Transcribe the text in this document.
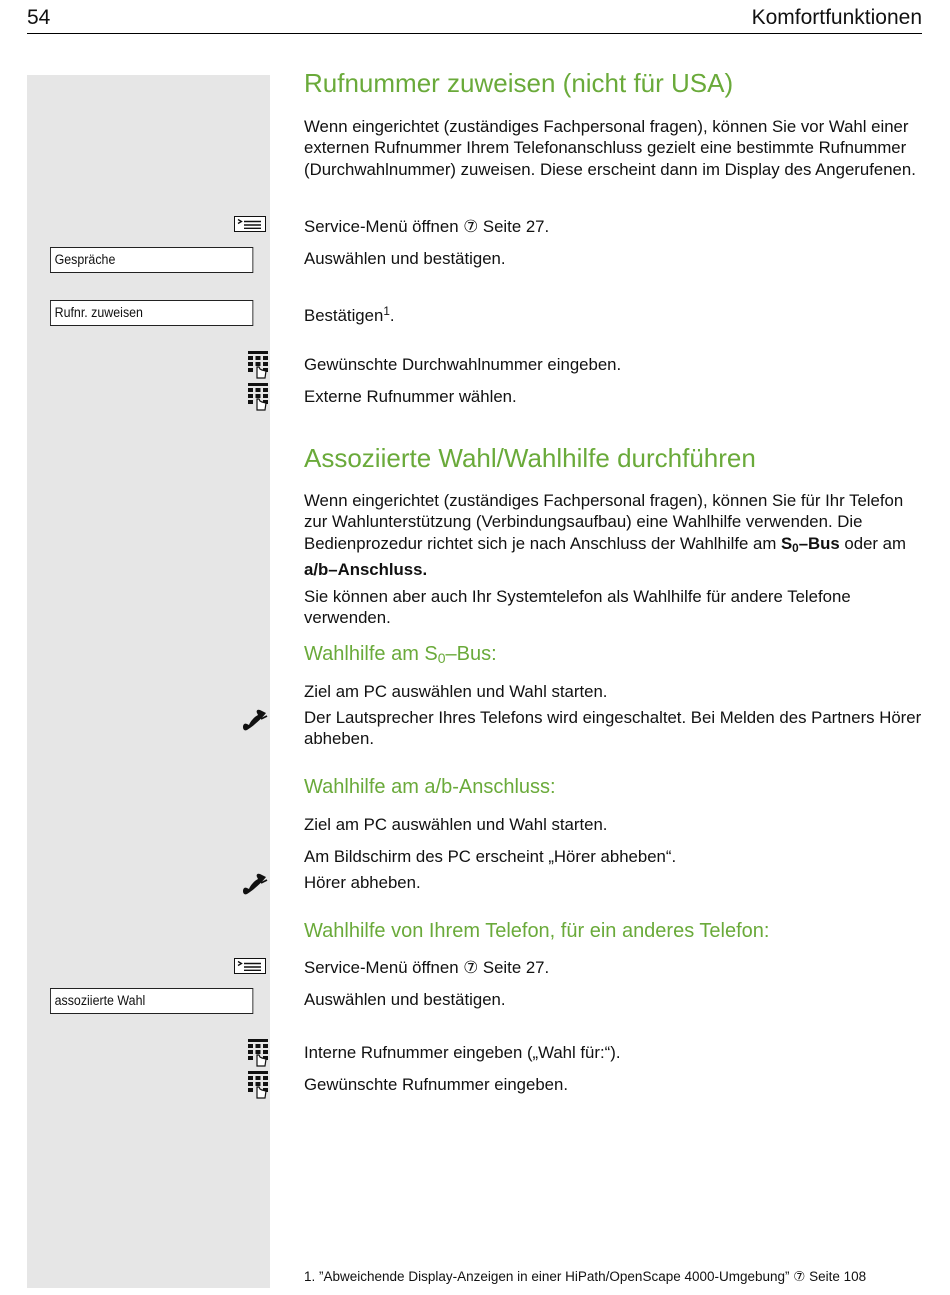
54	Komfortfunktionen
Rufnummer zuweisen (nicht für USA)
Wenn eingerichtet (zuständiges Fachpersonal fragen), können Sie vor Wahl einer externen Rufnummer Ihrem Telefonanschluss gezielt eine bestimmte Rufnummer (Durchwahlnummer) zuweisen. Diese erscheint dann im Display des Angerufenen.
Service-Menü öffnen ⑦ Seite 27.
Gespräche	Auswählen und bestätigen.
Rufnr. zuweisen	Bestätigen$^1$.
Gewünschte Durchwahlnummer eingeben.
Externe Rufnummer wählen.
Assoziierte Wahl/Wahlhilfe durchführen
Wenn eingerichtet (zuständiges Fachpersonal fragen), können Sie für Ihr Telefon zur Wahlunterstützung (Verbindungsaufbau) eine Wahlhilfe verwenden. Die Bedienprozedur richtet sich je nach Anschluss der Wahlhilfe am $S_0$–Bus oder am a/b–Anschluss.
Sie können aber auch Ihr Systemtelefon als Wahlhilfe für andere Telefone verwenden.
Wahlhilfe am $S_0$–Bus:
Ziel am PC auswählen und Wahl starten.
Der Lautsprecher Ihres Telefons wird eingeschaltet. Bei Melden des Partners Hörer abheben.
Wahlhilfe am a/b-Anschluss:
Ziel am PC auswählen und Wahl starten.
Am Bildschirm des PC erscheint „Hörer abheben“.
Hörer abheben.
Wahlhilfe von Ihrem Telefon, für ein anderes Telefon:
Service-Menü öffnen ⑦ Seite 27.
assoziierte Wahl	Auswählen und bestätigen.
Interne Rufnummer eingeben („Wahl für:“).
Gewünschte Rufnummer eingeben.
1. ”Abweichende Display-Anzeigen in einer HiPath/OpenScape 4000-Umgebung” ⑦ Seite 108
